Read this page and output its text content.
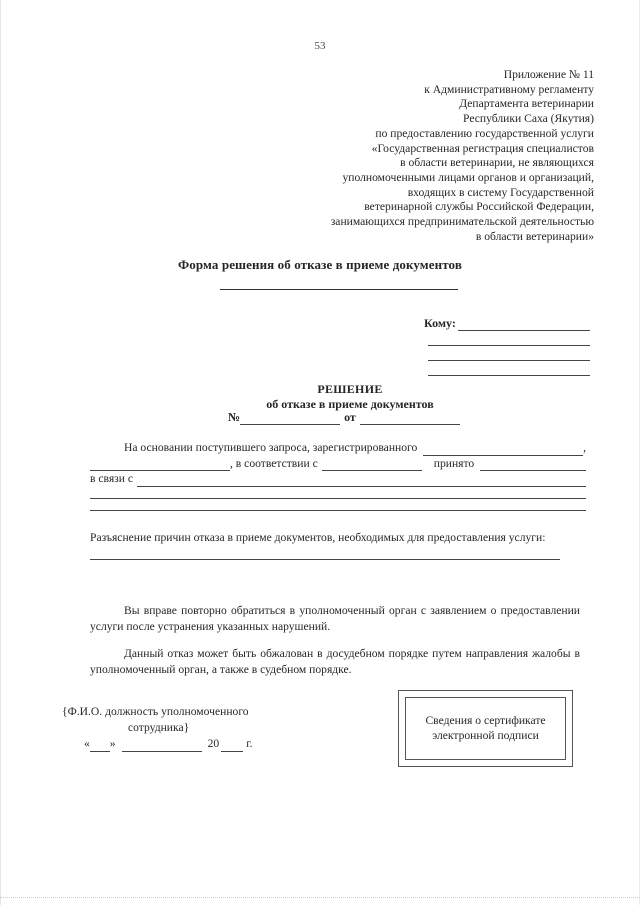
53
Приложение № 11
к Административному регламенту
Департамента ветеринарии
Республики Саха (Якутия)
по предоставлению государственной услуги
«Государственная регистрация специалистов
в области ветеринарии, не являющихся
уполномоченными лицами органов и организаций,
входящих в систему Государственной
ветеринарной службы Российской Федерации,
занимающихся предпринимательской деятельностью
в области ветеринарии»
Форма решения об отказе в приеме документов
Кому:
РЕШЕНИЕ
об отказе в приеме документов
№	от
На основании поступившего запроса, зарегистрированного	,
, в соответствии с	принято
в связи с
Разъяснение причин отказа в приеме документов, необходимых для предоставления услуги:
Вы вправе повторно обратиться в уполномоченный орган с заявлением о предоставлении услуги после устранения указанных нарушений.
Данный отказ может быть обжалован в досудебном порядке путем направления жалобы в уполномоченный орган, а также в судебном порядке.
{Ф.И.О. должность уполномоченного
сотрудника}
« »	20 г.
Сведения о сертификате электронной подписи
